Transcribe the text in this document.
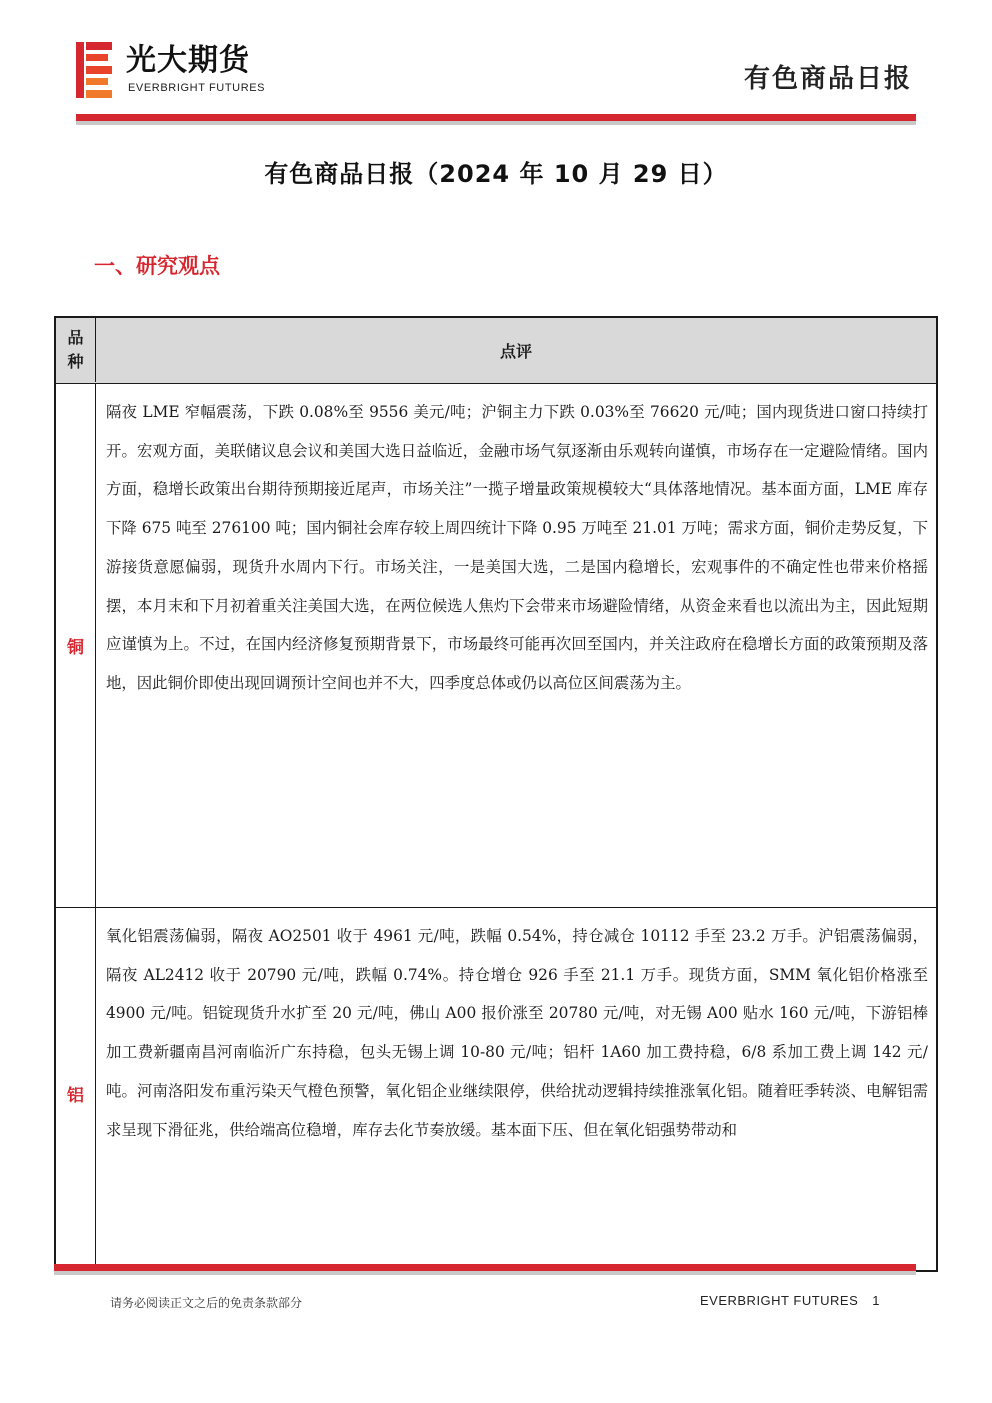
光大期货
EVERBRIGHT FUTURES	有色商品日报
有色商品日报（2024 年 10 月 29 日）
一、研究观点
品种
点评
铜
隔夜 LME 窄幅震荡，下跌 0.08%至 9556 美元/吨；沪铜主力下跌 0.03%至 76620 元/吨；国内现货进口窗口持续打开。宏观方面，美联储议息会议和美国大选日益临近，金融市场气氛逐渐由乐观转向谨慎，市场存在一定避险情绪。国内方面，稳增长政策出台期待预期接近尾声，市场关注”一揽子增量政策规模较大“具体落地情况。基本面方面，LME 库存下降 675 吨至 276100 吨；国内铜社会库存较上周四统计下降 0.95 万吨至 21.01 万吨；需求方面，铜价走势反复，下游接货意愿偏弱，现货升水周内下行。市场关注，一是美国大选，二是国内稳增长，宏观事件的不确定性也带来价格摇摆，本月末和下月初着重关注美国大选，在两位候选人焦灼下会带来市场避险情绪，从资金来看也以流出为主，因此短期应谨慎为上。不过，在国内经济修复预期背景下，市场最终可能再次回至国内，并关注政府在稳增长方面的政策预期及落地，因此铜价即使出现回调预计空间也并不大，四季度总体或仍以高位区间震荡为主。
铝
氧化铝震荡偏弱，隔夜 AO2501 收于 4961 元/吨，跌幅 0.54%，持仓减仓 10112 手至 23.2 万手。沪铝震荡偏弱，隔夜 AL2412 收于 20790 元/吨，跌幅 0.74%。持仓增仓 926 手至 21.1 万手。现货方面，SMM 氧化铝价格涨至 4900 元/吨。铝锭现货升水扩至 20 元/吨，佛山 A00 报价涨至 20780 元/吨，对无锡 A00 贴水 160 元/吨，下游铝棒加工费新疆南昌河南临沂广东持稳，包头无锡上调 10-80 元/吨；铝杆 1A60 加工费持稳，6/8 系加工费上调 142 元/吨。河南洛阳发布重污染天气橙色预警，氧化铝企业继续限停，供给扰动逻辑持续推涨氧化铝。随着旺季转淡、电解铝需求呈现下滑征兆，供给端高位稳增，库存去化节奏放缓。基本面下压、但在氧化铝强势带动和
请务必阅读正文之后的免责条款部分	EVERBRIGHT FUTURES 1
